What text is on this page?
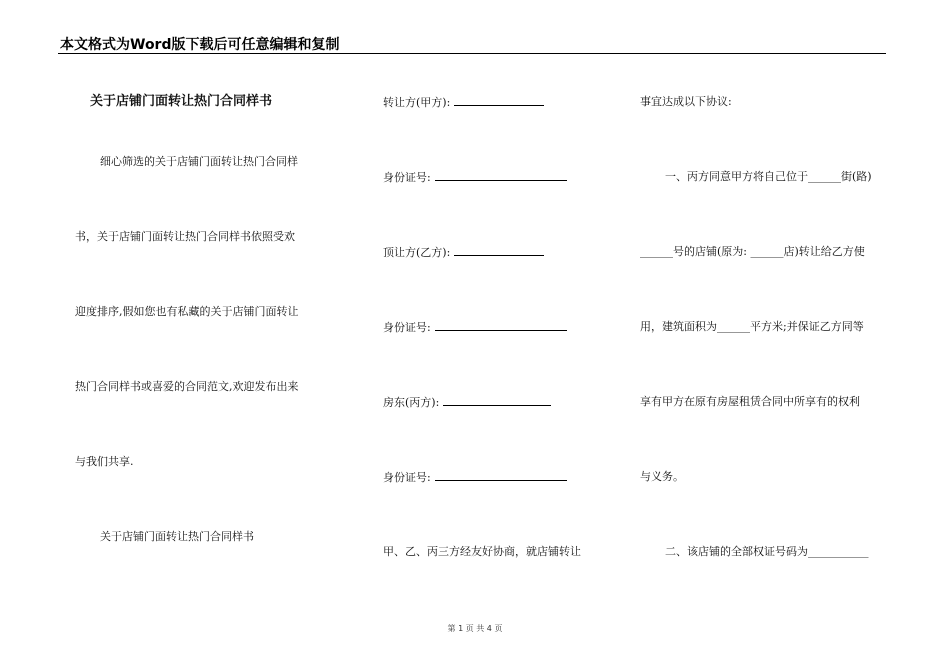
本文格式为Word版下载后可任意编辑和复制
关于店铺门面转让热门合同样书
细心筛选的关于店铺门面转让热门合同样
书，关于店铺门面转让热门合同样书依照受欢
迎度排序,假如您也有私藏的关于店铺门面转让
热门合同样书或喜爱的合同范文,欢迎发布出来
与我们共享.
关于店铺门面转让热门合同样书
转让方(甲方):
身份证号:
顶让方(乙方):
身份证号:
房东(丙方):
身份证号:
甲、乙、丙三方经友好协商，就店铺转让
事宜达成以下协议:
一、丙方同意甲方将自己位于______街(路)
______号的店铺(原为: ______店)转让给乙方使
用，建筑面积为______平方米;并保证乙方同等
享有甲方在原有房屋租赁合同中所享有的权利
与义务。
二、该店铺的全部权证号码为___________
第 1 页 共 4 页
